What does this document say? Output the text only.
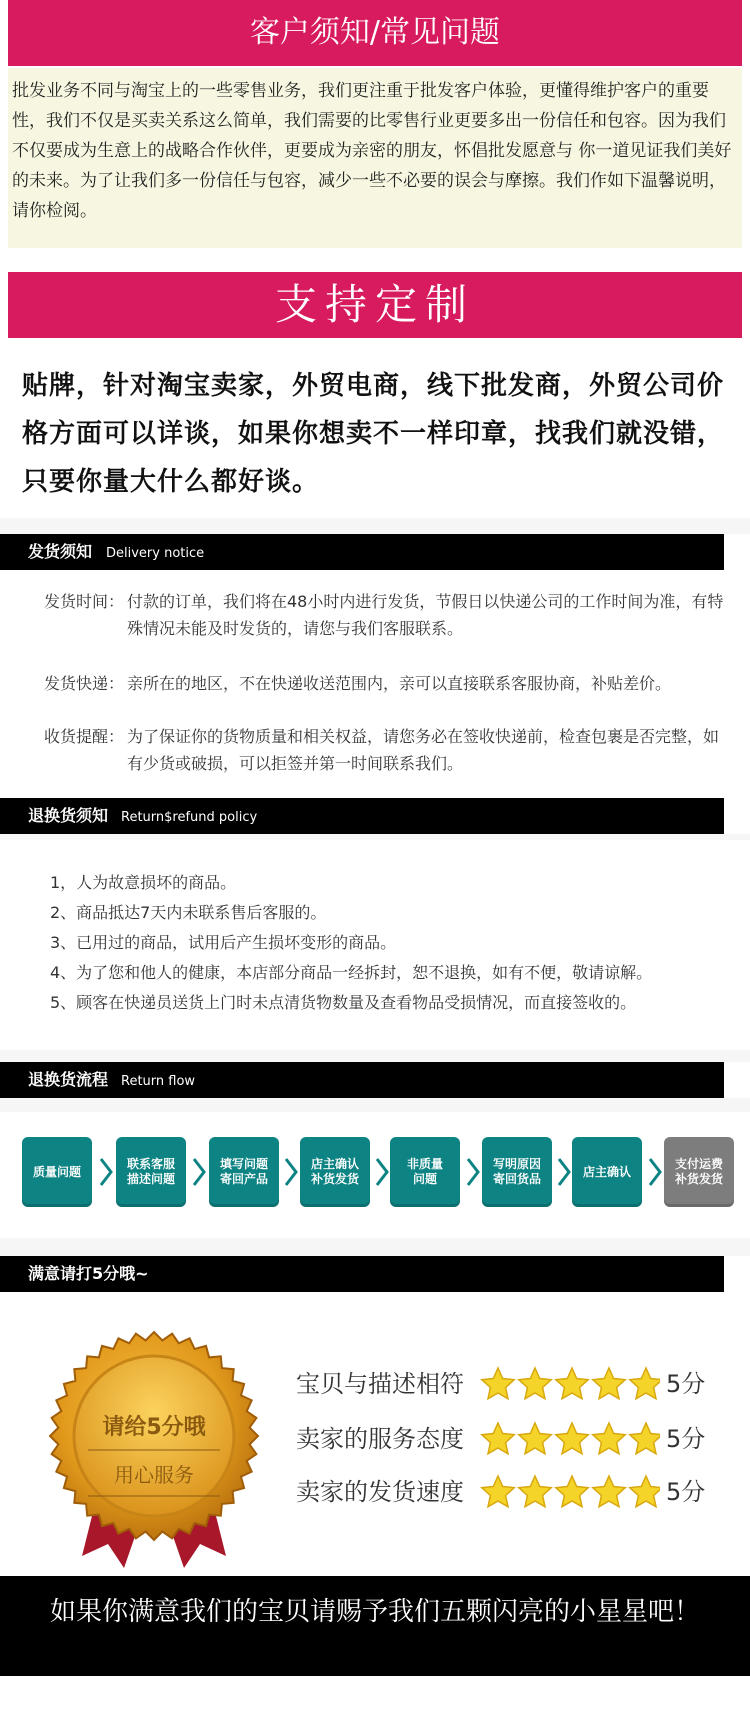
客户须知/常见问题
批发业务不同与淘宝上的一些零售业务，我们更注重于批发客户体验，更懂得维护客户的重要性，我们不仅是买卖关系这么简单，我们需要的比零售行业更要多出一份信任和包容。因为我们不仅要成为生意上的战略合作伙伴，更要成为亲密的朋友，怀倡批发愿意与 你一道见证我们美好的未来。为了让我们多一份信任与包容，减少一些不必要的误会与摩擦。我们作如下温馨说明，请你检阅。
支持定制
贴牌，针对淘宝卖家，外贸电商，线下批发商，外贸公司价格方面可以详谈，如果你想卖不一样印章，找我们就没错，只要你量大什么都好谈。
发货须知 Delivery notice
发货时间： 付款的订单，我们将在48小时内进行发货，节假日以快递公司的工作时间为准，有特殊情况未能及时发货的，请您与我们客服联系。
发货快递： 亲所在的地区，不在快递收送范围内，亲可以直接联系客服协商，补贴差价。
收货提醒： 为了保证你的货物质量和相关权益，请您务必在签收快递前，检查包裹是否完整，如有少货或破损，可以拒签并第一时间联系我们。
退换货须知 Return$refund policy
1，人为故意损坏的商品。
2、商品抵达7天内未联系售后客服的。
3、已用过的商品，试用后产生损坏变形的商品。
4、为了您和他人的健康，本店部分商品一经拆封，恕不退换，如有不便，敬请谅解。
5、顾客在快递员送货上门时未点清货物数量及查看物品受损情况，而直接签收的。
退换货流程 Return flow
质量问题
联系客服
描述问题
填写问题
寄回产品
店主确认
补货发货
非质量
问题
写明原因
寄回货品
店主确认
支付运费
补货发货
满意请打5分哦~
请给5分哦
用心服务
宝贝与描述相符	5分
卖家的服务态度	5分
卖家的发货速度	5分
如果你满意我们的宝贝请赐予我们五颗闪亮的小星星吧！
